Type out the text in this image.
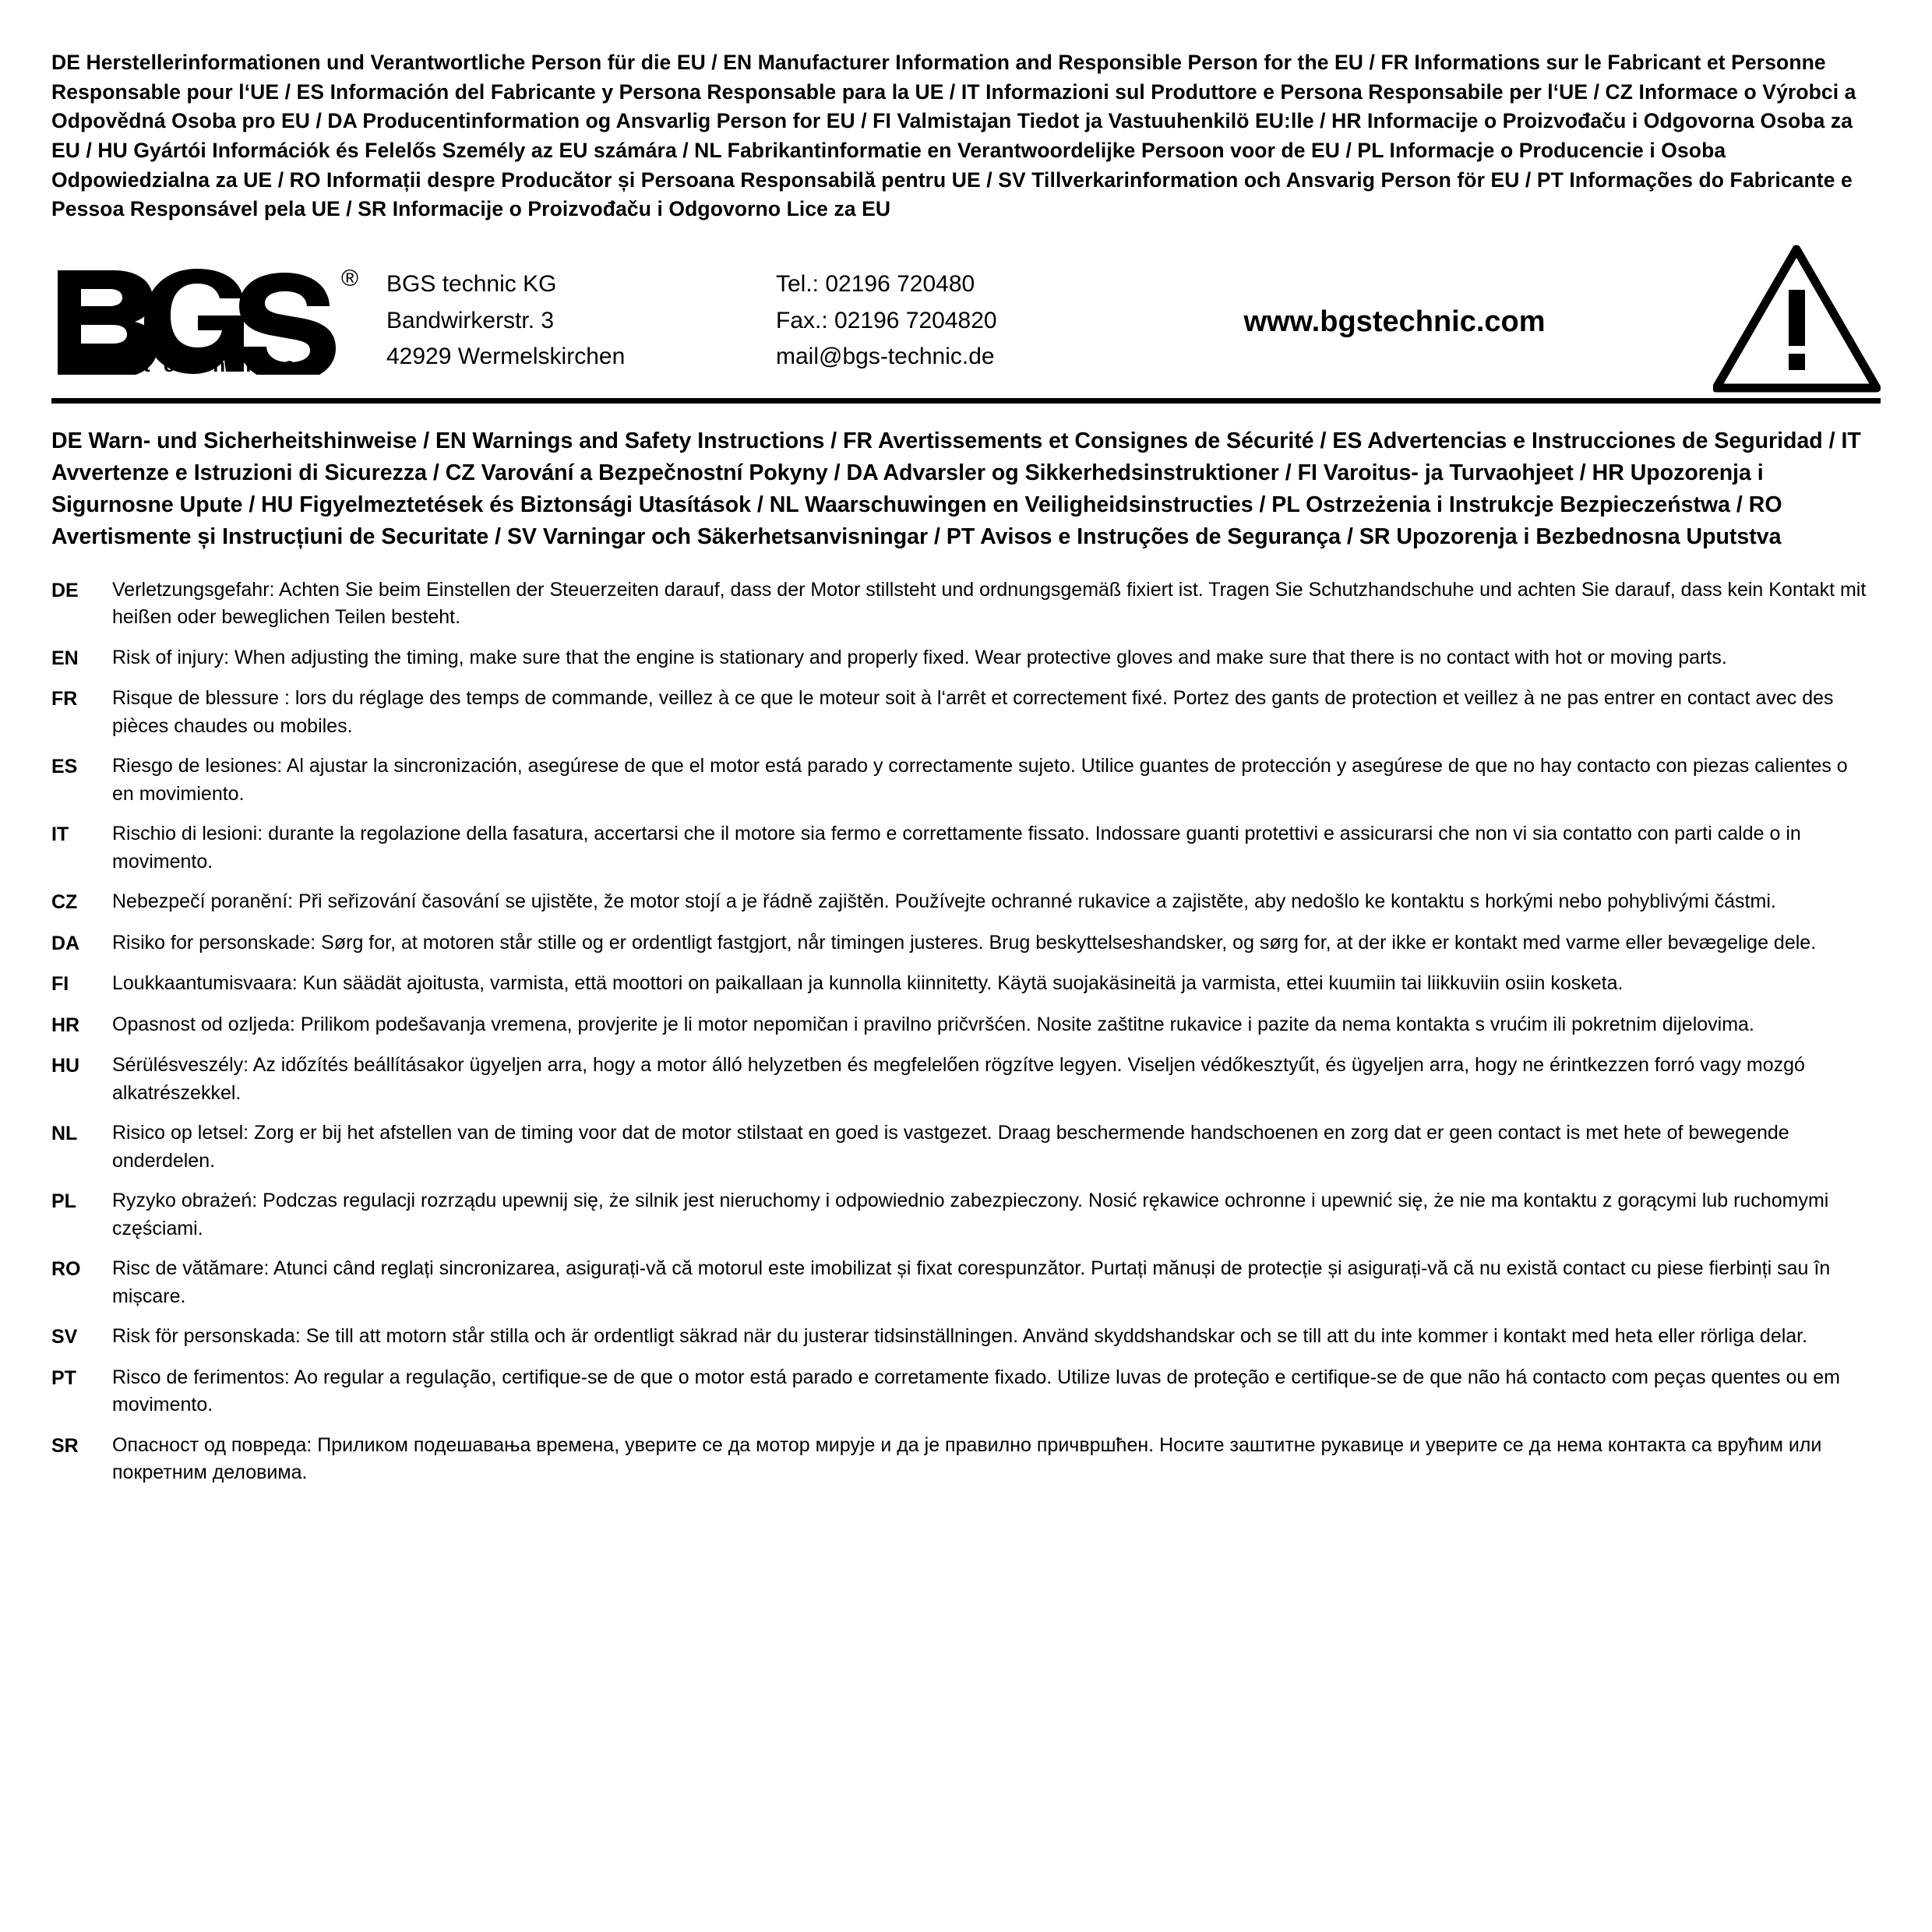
DE Herstellerinformationen und Verantwortliche Person für die EU / EN Manufacturer Information and Responsible Person for the EU / FR Informations sur le Fabricant et Personne Responsable pour l‘UE / ES Información del Fabricante y Persona Responsable para la UE / IT Informazioni sul Produttore e Persona Responsabile per l‘UE / CZ Informace o Výrobci a Odpovědná Osoba pro EU / DA Producentinformation og Ansvarlig Person for EU / FI Valmistajan Tiedot ja Vastuuhenkilö EU:lle / HR Informacije o Proizvođaču i Odgovorna Osoba za EU / HU Gyártói Információk és Felelős Személy az EU számára / NL Fabrikantinformatie en Verantwoordelijke Persoon voor de EU / PL Informacje o Producencie i Osoba Odpowiedzialna za UE / RO Informații despre Producător și Persoana Responsabilă pentru UE / SV Tillverkarinformation och Ansvarig Person för EU / PT Informações do Fabricante e Pessoa Responsável pela UE / SR Informacije o Proizvođaču i Odgovorno Lice za EU
®
t e c h n i c
BGS technic KG
Bandwirkerstr. 3
42929 Wermelskirchen
Tel.: 02196 720480
Fax.: 02196 7204820
mail@bgs-technic.de
www.bgstechnic.com
DE Warn- und Sicherheitshinweise / EN Warnings and Safety Instructions / FR Avertissements et Consignes de Sécurité / ES Advertencias e Instrucciones de Seguridad / IT Avvertenze e Istruzioni di Sicurezza / CZ Varování a Bezpečnostní Pokyny / DA Advarsler og Sikkerhedsinstruktioner / FI Varoitus- ja Turvaohjeet / HR Upozorenja i Sigurnosne Upute / HU Figyelmeztetések és Biztonsági Utasítások / NL Waarschuwingen en Veiligheidsinstructies / PL Ostrzeżenia i Instrukcje Bezpieczeństwa / RO Avertismente și Instrucțiuni de Securitate / SV Varningar och Säkerhetsanvisningar / PT Avisos e Instruções de Segurança / SR Upozorenja i Bezbednosna Uputstva
DE	Verletzungsgefahr: Achten Sie beim Einstellen der Steuerzeiten darauf, dass der Motor stillsteht und ordnungsgemäß fixiert ist. Tragen Sie Schutzhandschuhe und achten Sie darauf, dass kein Kontakt mit heißen oder beweglichen Teilen besteht.
EN	Risk of injury: When adjusting the timing, make sure that the engine is stationary and properly fixed. Wear protective gloves and make sure that there is no contact with hot or moving parts.
FR	Risque de blessure : lors du réglage des temps de commande, veillez à ce que le moteur soit à l‘arrêt et correctement fixé. Portez des gants de protection et veillez à ne pas entrer en contact avec des pièces chaudes ou mobiles.
ES	Riesgo de lesiones: Al ajustar la sincronización, asegúrese de que el motor está parado y correctamente sujeto. Utilice guantes de protección y asegúrese de que no hay contacto con piezas calientes o en movimiento.
IT	Rischio di lesioni: durante la regolazione della fasatura, accertarsi che il motore sia fermo e correttamente fissato. Indossare guanti protettivi e assicurarsi che non vi sia contatto con parti calde o in movimento.
CZ	Nebezpečí poranění: Při seřizování časování se ujistěte, že motor stojí a je řádně zajištěn. Používejte ochranné rukavice a zajistěte, aby nedošlo ke kontaktu s horkými nebo pohyblivými částmi.
DA	Risiko for personskade: Sørg for, at motoren står stille og er ordentligt fastgjort, når timingen justeres. Brug beskyttelseshandsker, og sørg for, at der ikke er kontakt med varme eller bevægelige dele.
FI	Loukkaantumisvaara: Kun säädät ajoitusta, varmista, että moottori on paikallaan ja kunnolla kiinnitetty. Käytä suojakäsineitä ja varmista, ettei kuumiin tai liikkuviin osiin kosketa.
HR	Opasnost od ozljeda: Prilikom podešavanja vremena, provjerite je li motor nepomičan i pravilno pričvršćen. Nosite zaštitne rukavice i pazite da nema kontakta s vrućim ili pokretnim dijelovima.
HU	Sérülésveszély: Az időzítés beállításakor ügyeljen arra, hogy a motor álló helyzetben és megfelelően rögzítve legyen. Viseljen védőkesztyűt, és ügyeljen arra, hogy ne érintkezzen forró vagy mozgó alkatrészekkel.
NL	Risico op letsel: Zorg er bij het afstellen van de timing voor dat de motor stilstaat en goed is vastgezet. Draag beschermende handschoenen en zorg dat er geen contact is met hete of bewegende onderdelen.
PL	Ryzyko obrażeń: Podczas regulacji rozrządu upewnij się, że silnik jest nieruchomy i odpowiednio zabezpieczony. Nosić rękawice ochronne i upewnić się, że nie ma kontaktu z gorącymi lub ruchomymi częściami.
RO	Risc de vătămare: Atunci când reglați sincronizarea, asigurați-vă că motorul este imobilizat și fixat corespunzător. Purtați mănuși de protecție și asigurați-vă că nu există contact cu piese fierbinți sau în mișcare.
SV	Risk för personskada: Se till att motorn står stilla och är ordentligt säkrad när du justerar tidsinställningen. Använd skyddshandskar och se till att du inte kommer i kontakt med heta eller rörliga delar.
PT	Risco de ferimentos: Ao regular a regulação, certifique-se de que o motor está parado e corretamente fixado. Utilize luvas de proteção e certifique-se de que não há contacto com peças quentes ou em movimento.
SR	Опасност од повреда: Приликом подешавања времена, уверите се да мотор мирује и да је правилно причвршћен. Носите заштитне рукавице и уверите се да нема контакта са врућим или покретним деловима.
